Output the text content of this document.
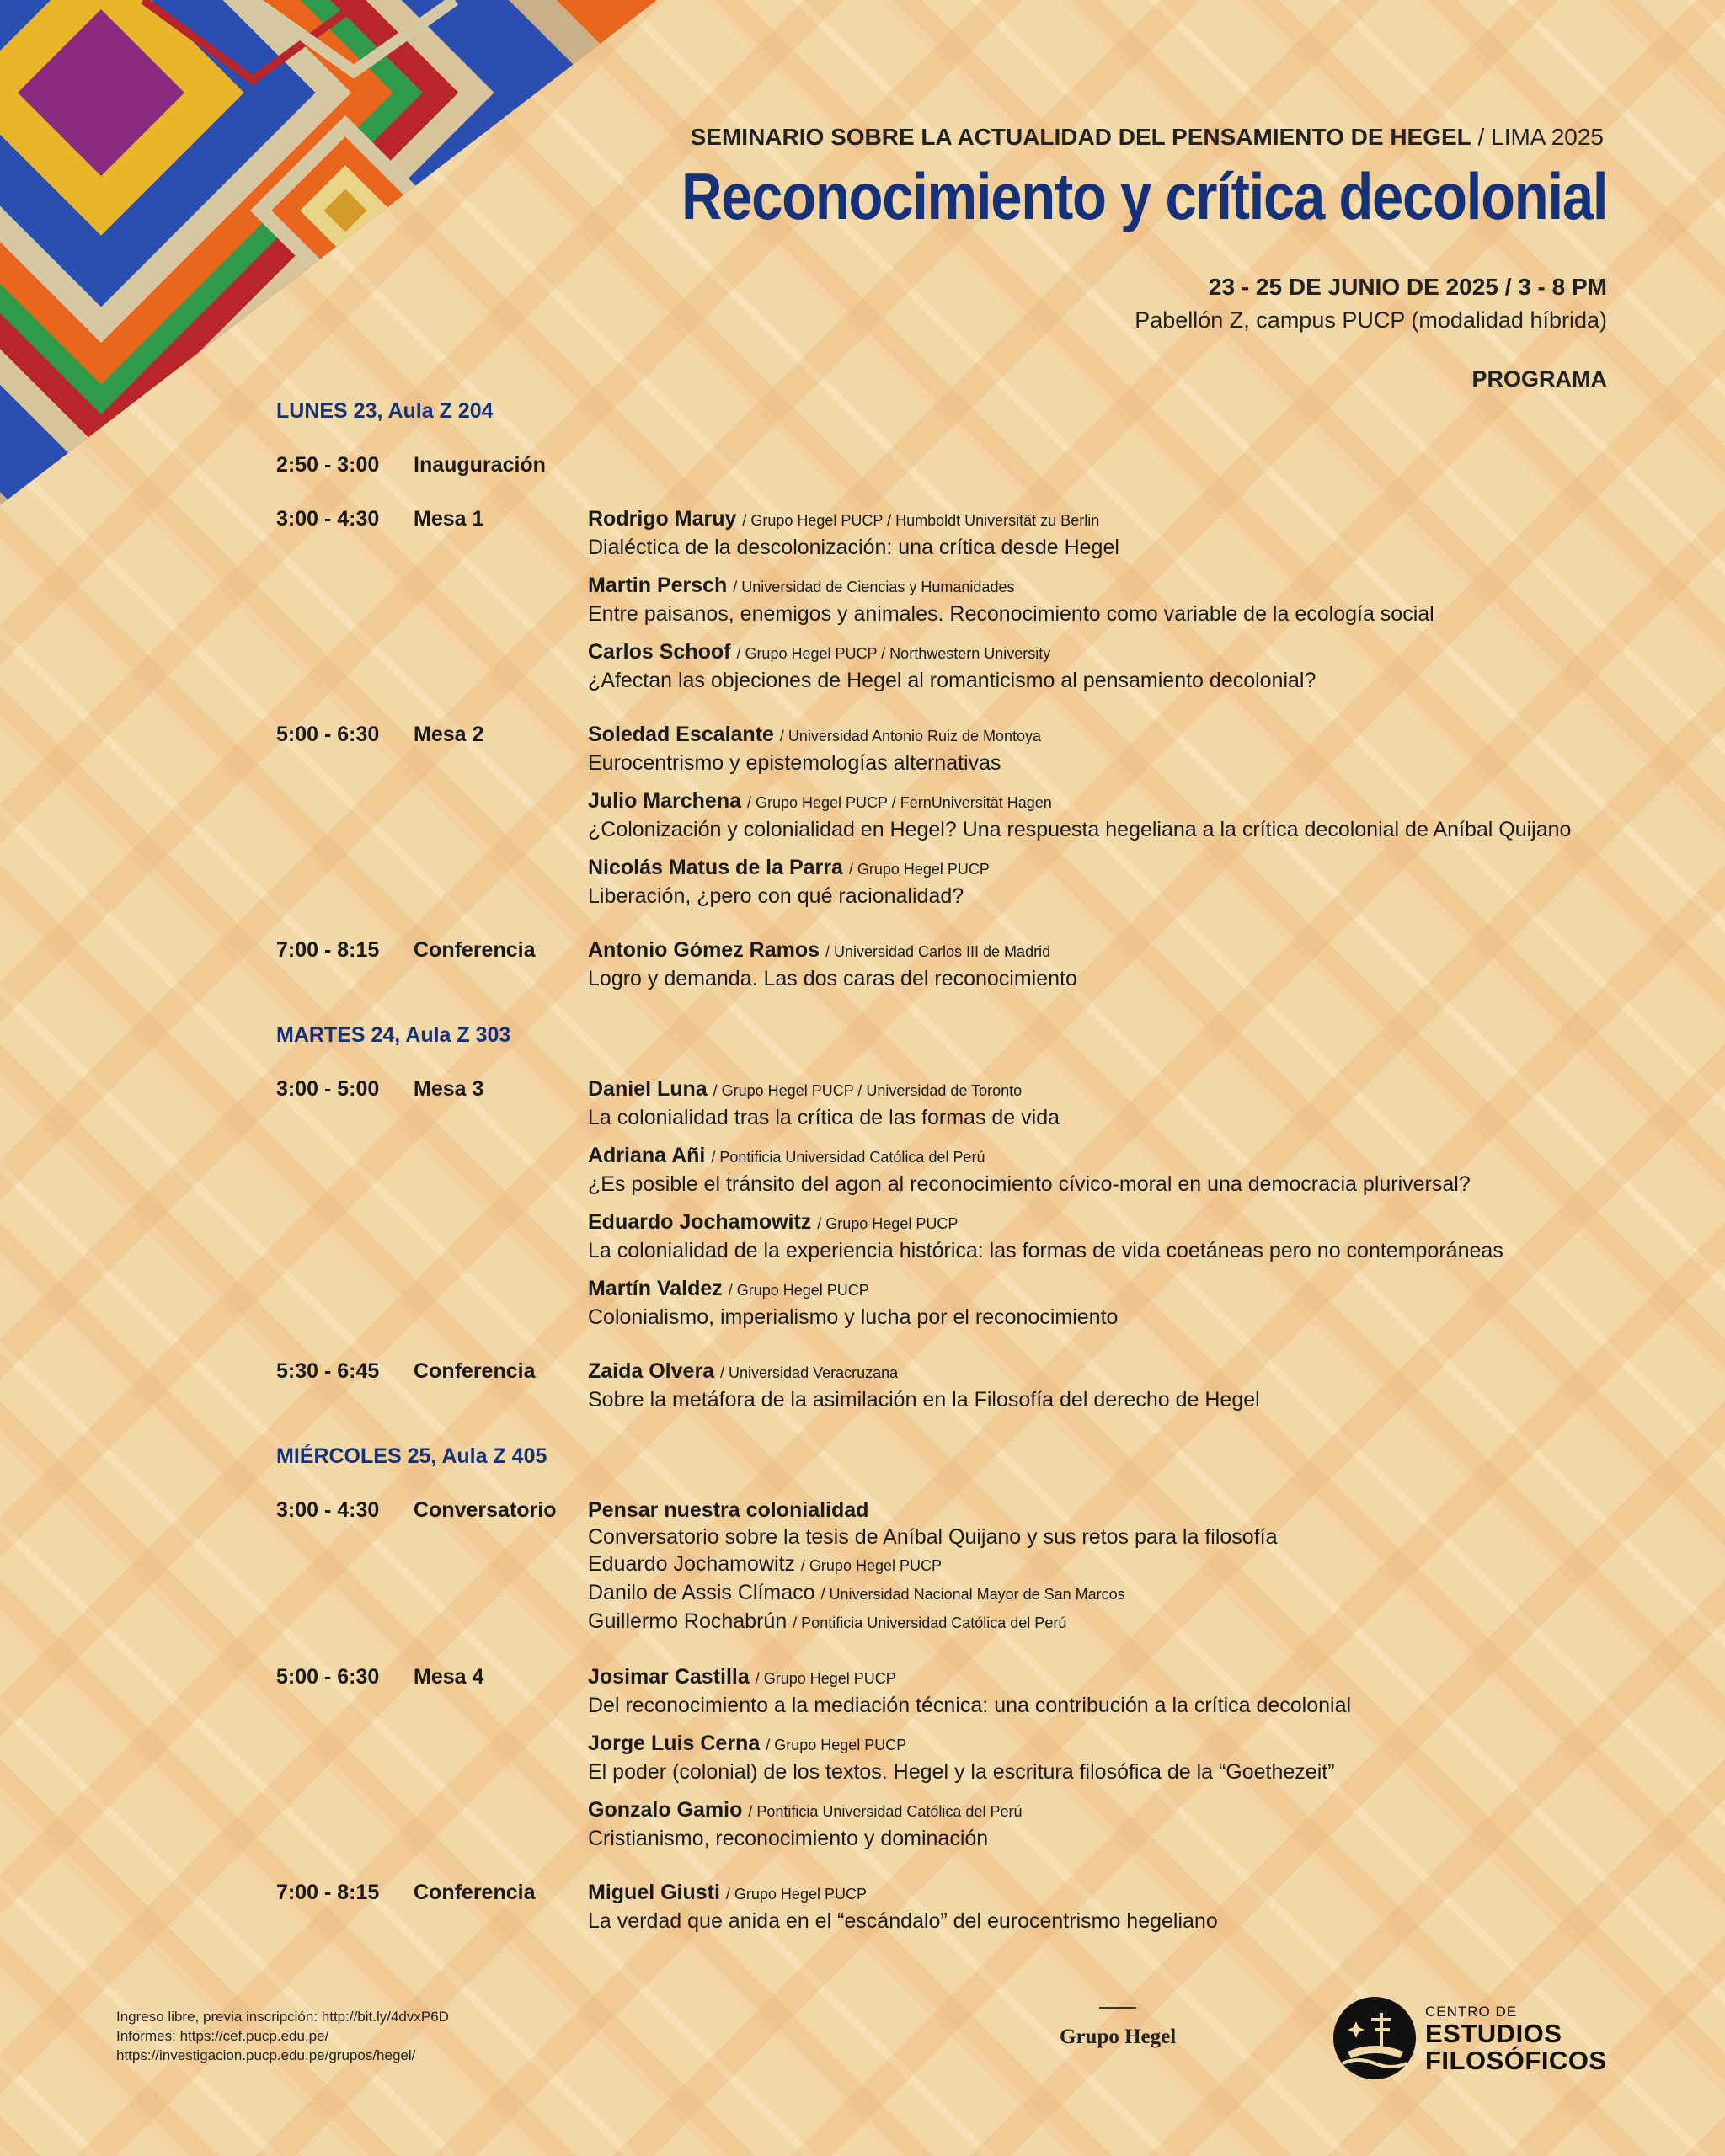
SEMINARIO SOBRE LA ACTUALIDAD DEL PENSAMIENTO DE HEGEL / LIMA 2025
Reconocimiento y crítica decolonial
23 - 25 DE JUNIO DE 2025 / 3 - 8 PM
Pabellón Z, campus PUCP (modalidad híbrida)
PROGRAMA
LUNES 23, Aula Z 204
2:50 - 3:00	Inauguración
3:00 - 4:30	Mesa 1	Rodrigo Maruy / Grupo Hegel PUCP / Humboldt Universität zu Berlin
Dialéctica de la descolonización: una crítica desde Hegel
Martin Persch / Universidad de Ciencias y Humanidades
Entre paisanos, enemigos y animales. Reconocimiento como variable de la ecología social
Carlos Schoof / Grupo Hegel PUCP / Northwestern University
¿Afectan las objeciones de Hegel al romanticismo al pensamiento decolonial?
5:00 - 6:30	Mesa 2	Soledad Escalante / Universidad Antonio Ruiz de Montoya
Eurocentrismo y epistemologías alternativas
Julio Marchena / Grupo Hegel PUCP / FernUniversität Hagen
¿Colonización y colonialidad en Hegel? Una respuesta hegeliana a la crítica decolonial de Aníbal Quijano
Nicolás Matus de la Parra / Grupo Hegel PUCP
Liberación, ¿pero con qué racionalidad?
7:00 - 8:15	Conferencia	Antonio Gómez Ramos / Universidad Carlos III de Madrid
Logro y demanda. Las dos caras del reconocimiento
MARTES 24, Aula Z 303
3:00 - 5:00	Mesa 3	Daniel Luna / Grupo Hegel PUCP / Universidad de Toronto
La colonialidad tras la crítica de las formas de vida
Adriana Añi / Pontificia Universidad Católica del Perú
¿Es posible el tránsito del agon al reconocimiento cívico-moral en una democracia pluriversal?
Eduardo Jochamowitz / Grupo Hegel PUCP
La colonialidad de la experiencia histórica: las formas de vida coetáneas pero no contemporáneas
Martín Valdez / Grupo Hegel PUCP
Colonialismo, imperialismo y lucha por el reconocimiento
5:30 - 6:45	Conferencia	Zaida Olvera / Universidad Veracruzana
Sobre la metáfora de la asimilación en la Filosofía del derecho de Hegel
MIÉRCOLES 25, Aula Z 405
3:00 - 4:30	Conversatorio Pensar nuestra colonialidad
Conversatorio sobre la tesis de Aníbal Quijano y sus retos para la filosofía
Eduardo Jochamowitz / Grupo Hegel PUCP
Danilo de Assis Clímaco / Universidad Nacional Mayor de San Marcos
Guillermo Rochabrún / Pontificia Universidad Católica del Perú
5:00 - 6:30	Mesa 4	Josimar Castilla / Grupo Hegel PUCP
Del reconocimiento a la mediación técnica: una contribución a la crítica decolonial
Jorge Luis Cerna / Grupo Hegel PUCP
El poder (colonial) de los textos. Hegel y la escritura filosófica de la “Goethezeit”
Gonzalo Gamio / Pontificia Universidad Católica del Perú
Cristianismo, reconocimiento y dominación
7:00 - 8:15	Conferencia	Miguel Giusti / Grupo Hegel PUCP
La verdad que anida en el “escándalo” del eurocentrismo hegeliano
Ingreso libre, previa inscripción: http://bit.ly/4dvxP6D
Informes: https://cef.pucp.edu.pe/
https://investigacion.pucp.edu.pe/grupos/hegel/
Grupo Hegel
CENTRO DE
ESTUDIOS
FILOSÓFICOS
